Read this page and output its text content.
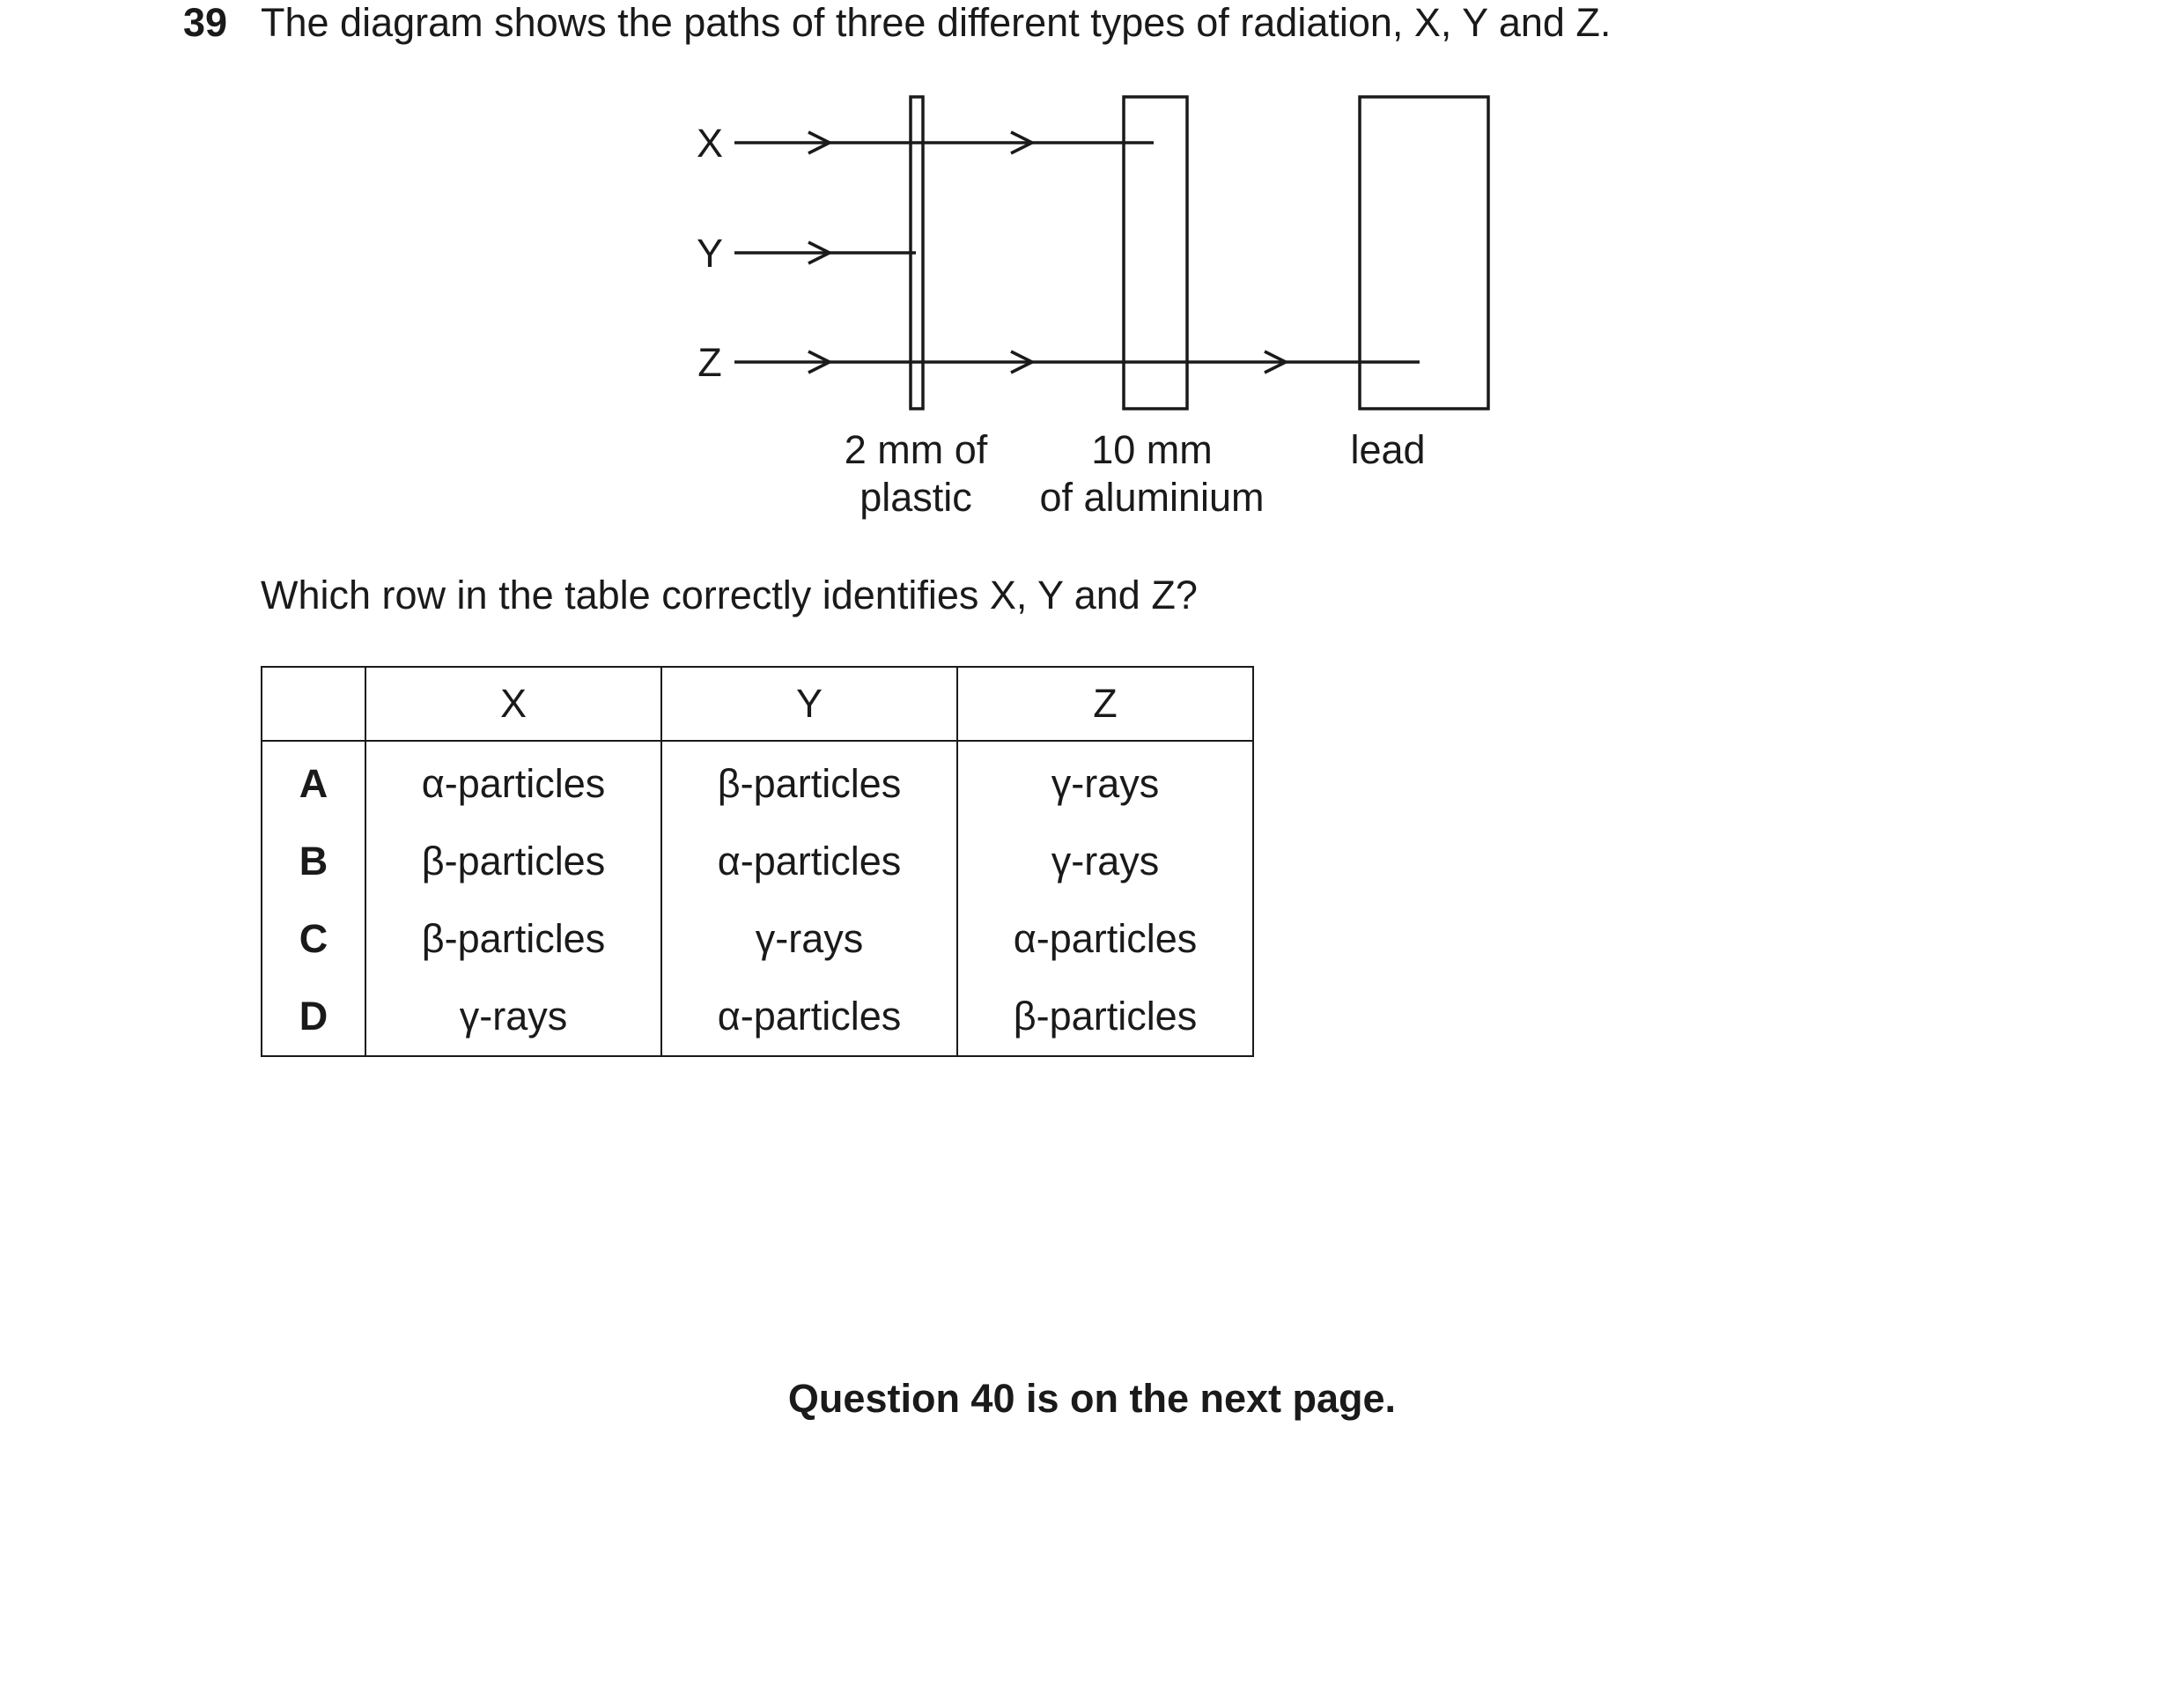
39 The diagram shows the paths of three different types of radiation, X, Y and Z.
X
Y
Z
2 mm of
plastic
10 mm
of aluminium
lead
Which row in the table correctly identifies X, Y and Z?
	X	Y	Z
A	α-particles	β-particles	γ-rays
B	β-particles	α-particles	γ-rays
C	β-particles	γ-rays	α-particles
D	γ-rays	α-particles	β-particles
Question 40 is on the next page.
